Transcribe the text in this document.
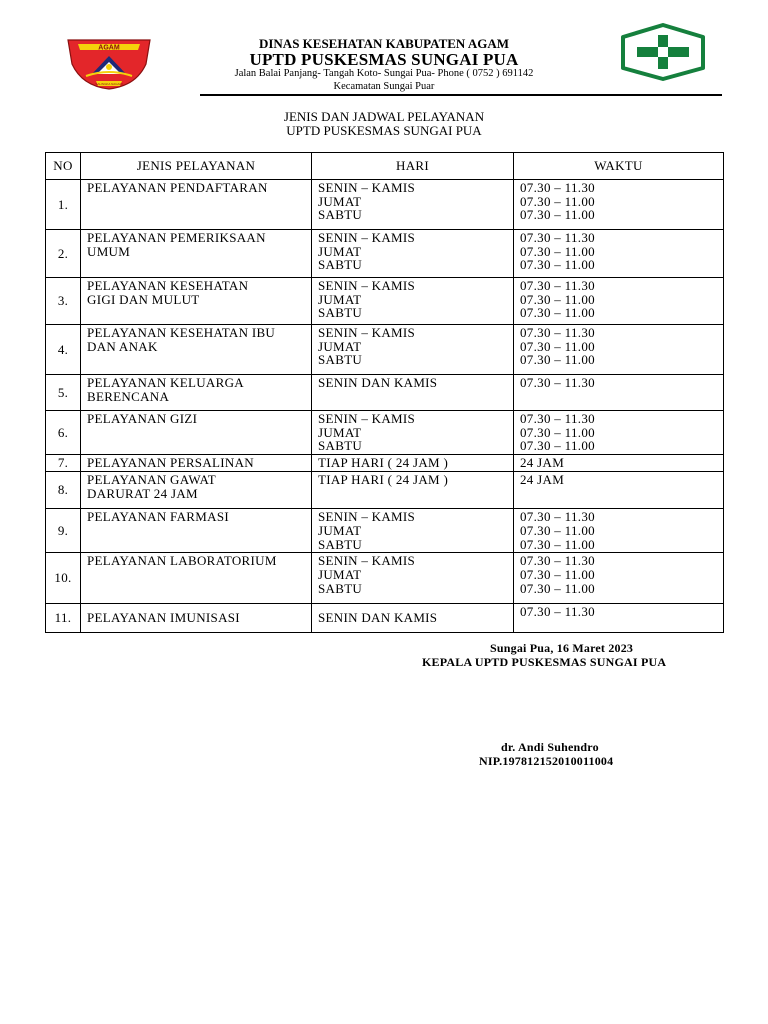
AGAM
SALINGKA NAGARI
DINAS KESEHATAN KABUPATEN AGAM
UPTD PUSKESMAS SUNGAI PUA
Jalan Balai Panjang- Tangah Koto- Sungai Pua- Phone ( 0752 ) 691142
Kecamatan Sungai Puar
JENIS DAN JADWAL PELAYANAN
UPTD PUSKESMAS SUNGAI PUA
NO	JENIS PELAYANAN	HARI	WAKTU
1.	PELAYANAN PENDAFTARAN	SENIN – KAMIS
JUMAT
SABTU	07.30 – 11.30
07.30 – 11.00
07.30 – 11.00

2.	PELAYANAN PEMERIKSAAN
UMUM	SENIN – KAMIS
JUMAT
SABTU	07.30 – 11.30
07.30 – 11.00
07.30 – 11.00

3.	PELAYANAN KESEHATAN
GIGI DAN MULUT	SENIN – KAMIS
JUMAT
SABTU	07.30 – 11.30
07.30 – 11.00
07.30 – 11.00

4.	PELAYANAN KESEHATAN IBU
DAN ANAK	SENIN – KAMIS
JUMAT
SABTU	07.30 – 11.30
07.30 – 11.00
07.30 – 11.00

5.	PELAYANAN KELUARGA
BERENCANA	SENIN DAN KAMIS	07.30 – 11.30

6.	PELAYANAN GIZI	SENIN – KAMIS
JUMAT
SABTU	07.30 – 11.30
07.30 – 11.00
07.30 – 11.00

7.	PELAYANAN PERSALINAN	TIAP HARI ( 24 JAM )	24 JAM

8.	PELAYANAN GAWAT
DARURAT 24 JAM	TIAP HARI ( 24 JAM )	24 JAM

9.	PELAYANAN FARMASI	SENIN – KAMIS
JUMAT
SABTU	07.30 – 11.30
07.30 – 11.00
07.30 – 11.00

10.	PELAYANAN LABORATORIUM	SENIN – KAMIS
JUMAT
SABTU	07.30 – 11.30
07.30 – 11.00
07.30 – 11.00

11.	PELAYANAN IMUNISASI	SENIN DAN KAMIS	07.30 – 11.30
Sungai Pua, 16 Maret 2023
KEPALA UPTD PUSKESMAS SUNGAI PUA
dr. Andi Suhendro
NIP.197812152010011004
